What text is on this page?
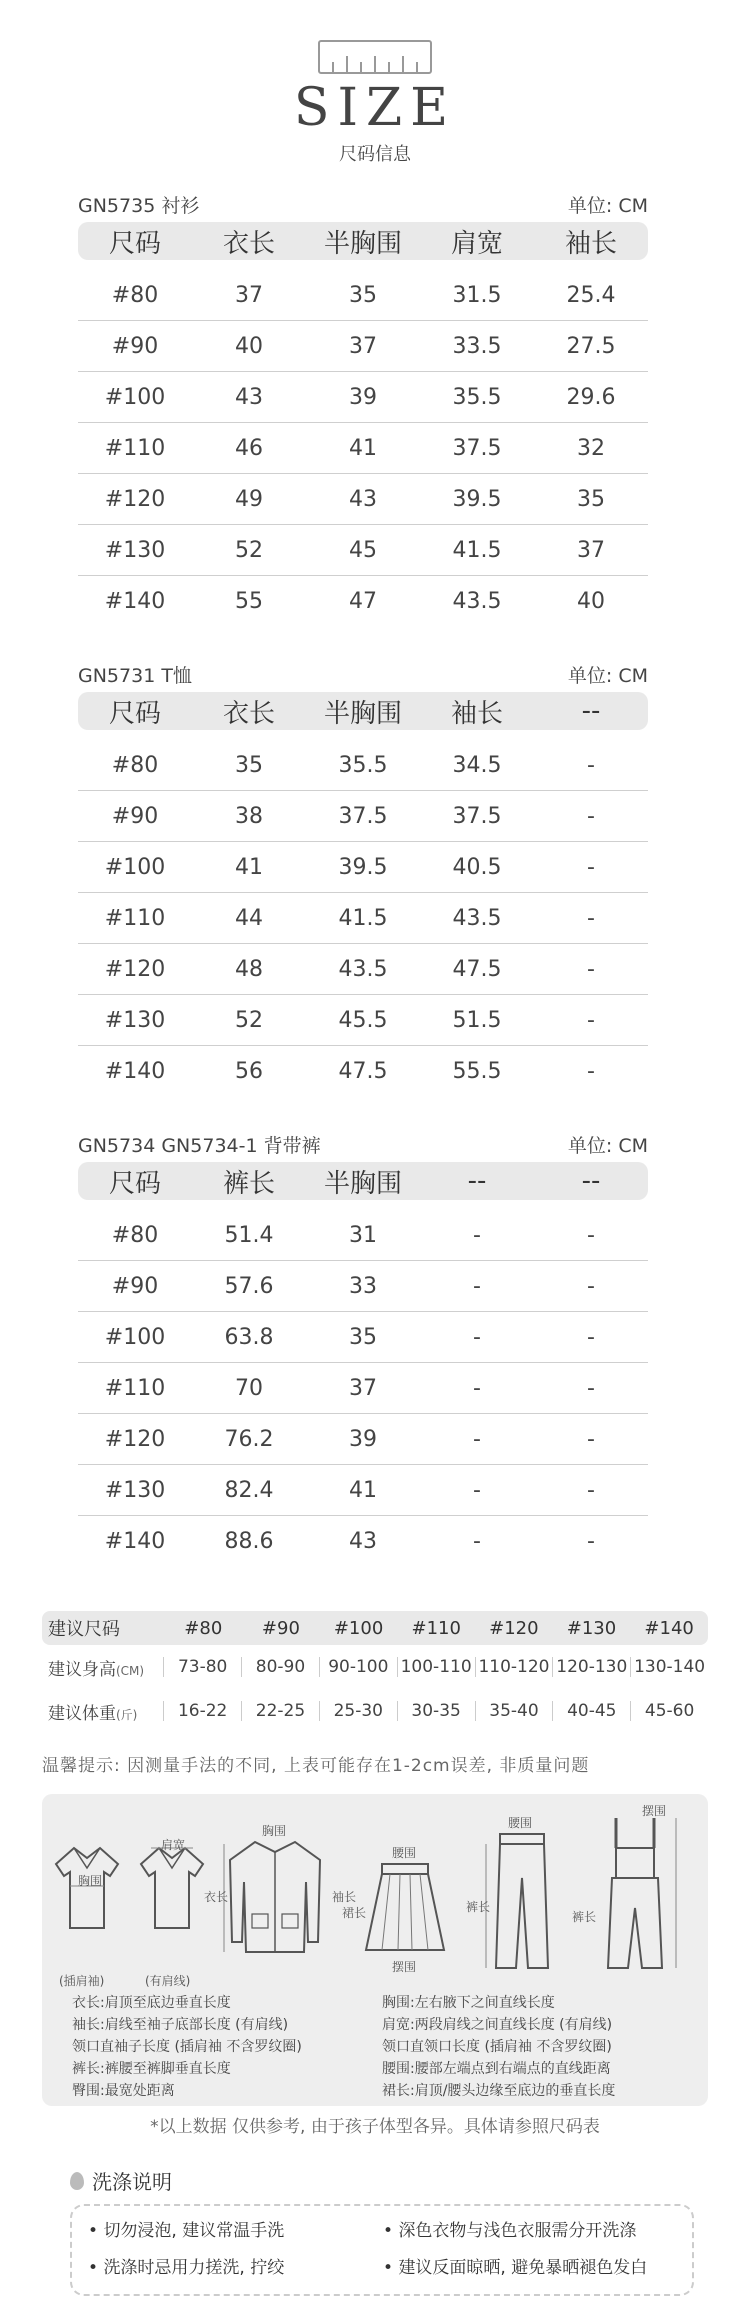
SIZE
尺码信息
GN5735 衬衫	单位: CM
尺码	衣长	半胸围	肩宽	袖长
#80	37	35	31.5	25.4
#90	40	37	33.5	27.5
#100	43	39	35.5	29.6
#110	46	41	37.5	32
#120	49	43	39.5	35
#130	52	45	41.5	37
#140	55	47	43.5	40
GN5731 T恤	单位: CM
尺码	衣长	半胸围	袖长	--
#80	35	35.5	34.5	-
#90	38	37.5	37.5	-
#100	41	39.5	40.5	-
#110	44	41.5	43.5	-
#120	48	43.5	47.5	-
#130	52	45.5	51.5	-
#140	56	47.5	55.5	-
GN5734 GN5734-1 背带裤	单位: CM
尺码	裤长	半胸围	--	--
#80	51.4	31	-	-
#90	57.6	33	-	-
#100	63.8	35	-	-
#110	70	37	-	-
#120	76.2	39	-	-
#130	82.4	41	-	-
#140	88.6	43	-	-
建议尺码	#80	#90	#100	#110	#120	#130	#140
建议身高(CM)	73-80	80-90	90-100 100-110 110-120 120-130 130-140
建议体重(斤)	16-22	22-25	25-30	30-35	35-40	40-45	45-60
温馨提示: 因测量手法的不同, 上表可能存在1-2cm误差, 非质量问题
(插肩袖)
胸围
(有肩线)
肩宽
胸围
衣长	袖长
腰围
裙长
摆围
腰围
裤长
摆围
裤长
衣长:肩顶至底边垂直长度
袖长:肩线至袖子底部长度 (有肩线)
领口直袖子长度 (插肩袖 不含罗纹圈)
裤长:裤腰至裤脚垂直长度
臀围:最宽处距离
胸围:左右腋下之间直线长度
肩宽:两段肩线之间直线长度 (有肩线)
领口直领口长度 (插肩袖 不含罗纹圈)
腰围:腰部左端点到右端点的直线距离
裙长:肩顶/腰头边缘至底边的垂直长度
*以上数据 仅供参考, 由于孩子体型各异。具体请参照尺码表
洗涤说明
• 切勿浸泡, 建议常温手洗	• 深色衣物与浅色衣服需分开洗涤
• 洗涤时忌用力搓洗, 拧绞	• 建议反面晾晒, 避免暴晒褪色发白
